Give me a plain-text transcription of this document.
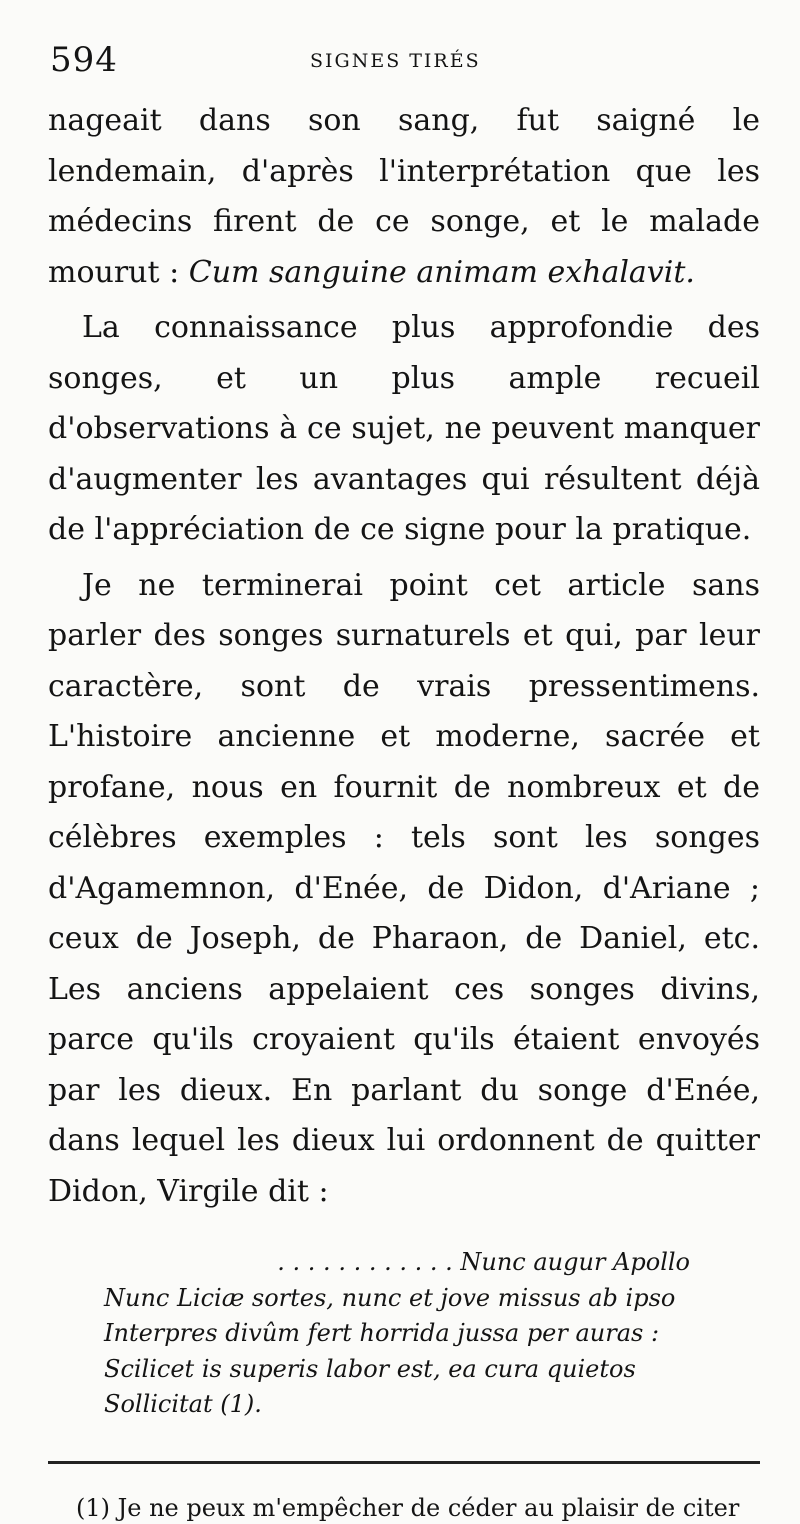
594	SIGNES TIRÉS

nageait dans son sang, fut saigné le lendemain, d'après l'interprétation que les médecins firent de ce songe, et le malade mourut : Cum sanguine animam exhalavit.

La connaissance plus approfondie des songes, et un plus ample recueil d'observations à ce sujet, ne peuvent manquer d'augmenter les avantages qui résultent déjà de l'appréciation de ce signe pour la pratique.

Je ne terminerai point cet article sans parler des songes surnaturels et qui, par leur caractère, sont de vrais pressentimens. L'histoire ancienne et moderne, sacrée et profane, nous en fournit de nombreux et de célèbres exemples : tels sont les songes d'Agamemnon, d'Enée, de Didon, d'Ariane ; ceux de Joseph, de Pharaon, de Daniel, etc. Les anciens appelaient ces songes divins, parce qu'ils croyaient qu'ils étaient envoyés par les dieux. En parlant du songe d'Enée, dans lequel les dieux lui ordonnent de quitter Didon, Virgile dit :

. . . . . . . . . . . . Nunc augur Apollo
Nunc Liciæ sortes, nunc et jove missus ab ipso
Interpres divûm fert horrida jussa per auras :
Scilicet is superis labor est, ea cura quietos
Sollicitat (1).
(1) Je ne peux m'empêcher de céder au plaisir de citer
